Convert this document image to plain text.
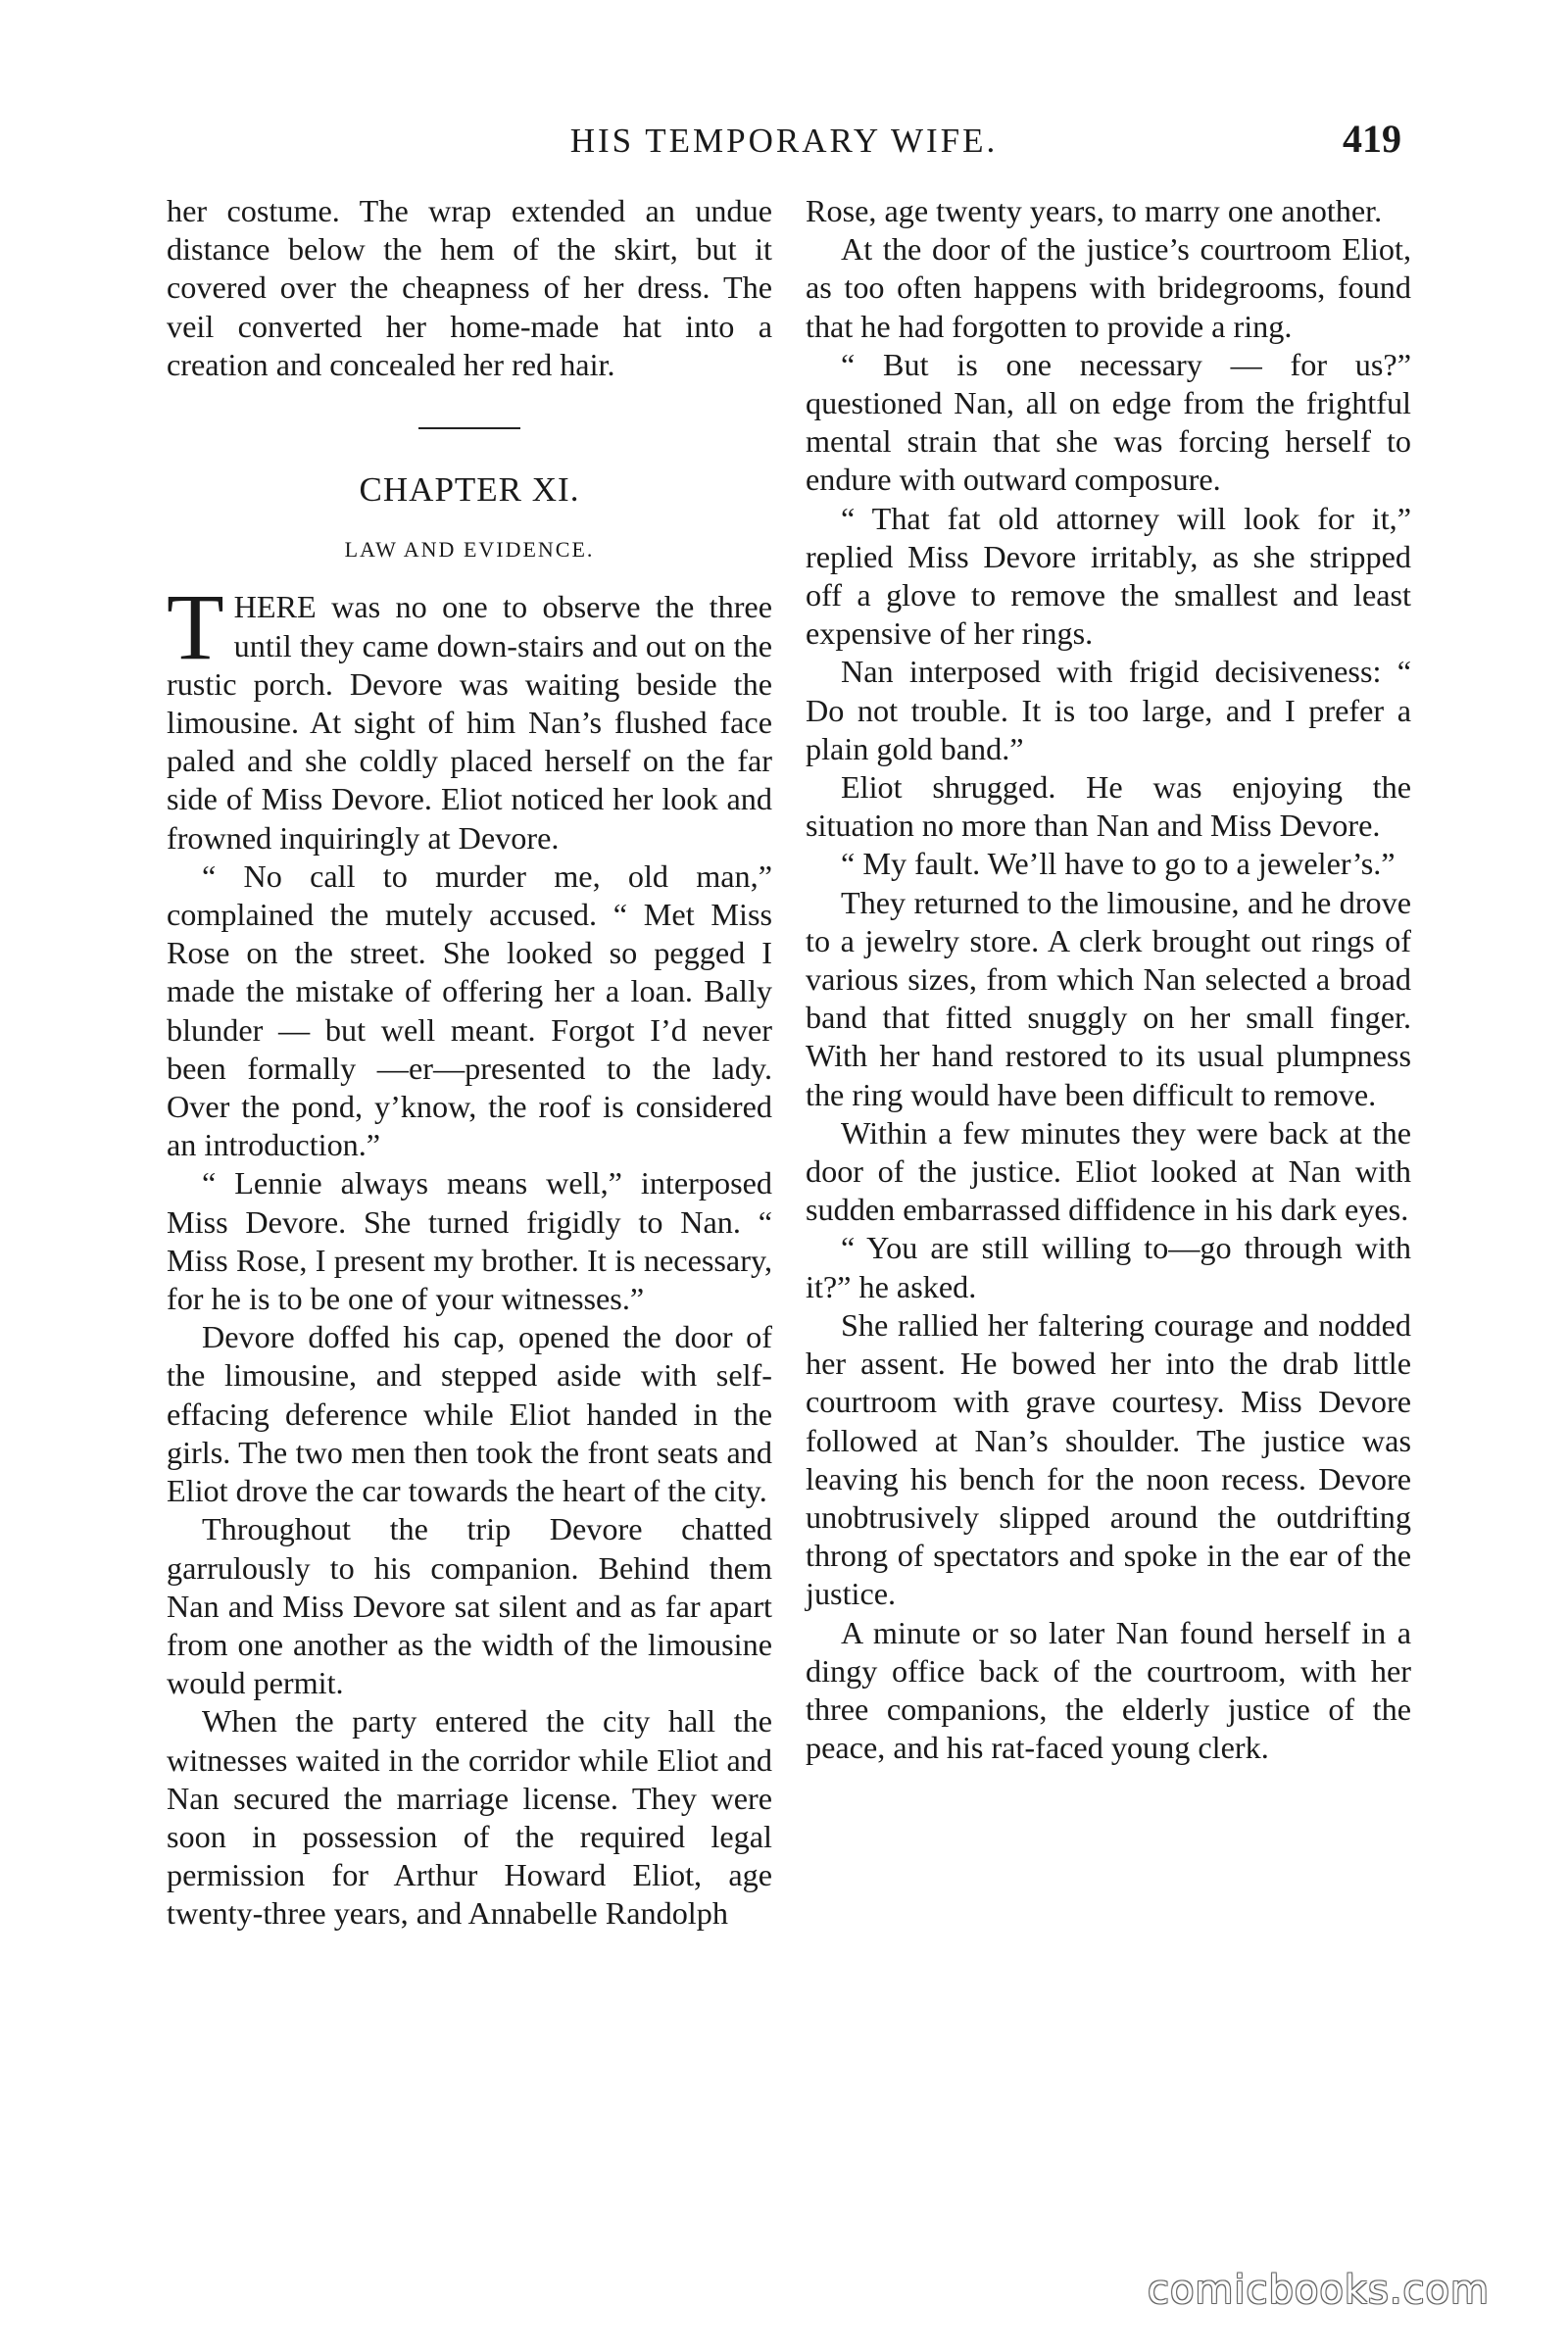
HIS TEMPORARY WIFE.	419

her costume. The wrap extended an undue distance below the hem of the skirt, but it covered over the cheapness of her dress. The veil converted her home-made hat into a creation and concealed her red hair.

CHAPTER XI.
LAW AND EVIDENCE.

THERE was no one to observe the three until they came down-stairs and out on the rustic porch. Devore was waiting beside the limousine. At sight of him Nan’s flushed face paled and she coldly placed herself on the far side of Miss Devore. Eliot noticed her look and frowned inquiringly at Devore.

“ No call to murder me, old man,” complained the mutely accused. “ Met Miss Rose on the street. She looked so pegged I made the mistake of offering her a loan. Bally blunder — but well meant. Forgot I’d never been formally —er—presented to the lady. Over the pond, y’know, the roof is considered an introduction.”

“ Lennie always means well,” interposed Miss Devore. She turned frigidly to Nan. “ Miss Rose, I present my brother. It is necessary, for he is to be one of your witnesses.”

Devore doffed his cap, opened the door of the limousine, and stepped aside with self-effacing deference while Eliot handed in the girls. The two men then took the front seats and Eliot drove the car towards the heart of the city.

Throughout the trip Devore chatted garrulously to his companion. Behind them Nan and Miss Devore sat silent and as far apart from one another as the width of the limousine would permit.

When the party entered the city hall the witnesses waited in the corridor while Eliot and Nan secured the marriage license. They were soon in possession of the required legal permission for Arthur Howard Eliot, age twenty-three years, and Annabelle Randolph

Rose, age twenty years, to marry one another.

At the door of the justice’s courtroom Eliot, as too often happens with bridegrooms, found that he had forgotten to provide a ring.

“ But is one necessary — for us?” questioned Nan, all on edge from the frightful mental strain that she was forcing herself to endure with outward composure.

“ That fat old attorney will look for it,” replied Miss Devore irritably, as she stripped off a glove to remove the smallest and least expensive of her rings.

Nan interposed with frigid decisiveness: “ Do not trouble. It is too large, and I prefer a plain gold band.”

Eliot shrugged. He was enjoying the situation no more than Nan and Miss Devore.

“ My fault. We’ll have to go to a jeweler’s.”

They returned to the limousine, and he drove to a jewelry store. A clerk brought out rings of various sizes, from which Nan selected a broad band that fitted snuggly on her small finger. With her hand restored to its usual plumpness the ring would have been difficult to remove.

Within a few minutes they were back at the door of the justice. Eliot looked at Nan with sudden embarrassed diffidence in his dark eyes.

“ You are still willing to—go through with it?” he asked.

She rallied her faltering courage and nodded her assent. He bowed her into the drab little courtroom with grave courtesy. Miss Devore followed at Nan’s shoulder. The justice was leaving his bench for the noon recess. Devore unobtrusively slipped around the outdrifting throng of spectators and spoke in the ear of the justice.

A minute or so later Nan found herself in a dingy office back of the courtroom, with her three companions, the elderly justice of the peace, and his rat-faced young clerk.

comicbooks.com
